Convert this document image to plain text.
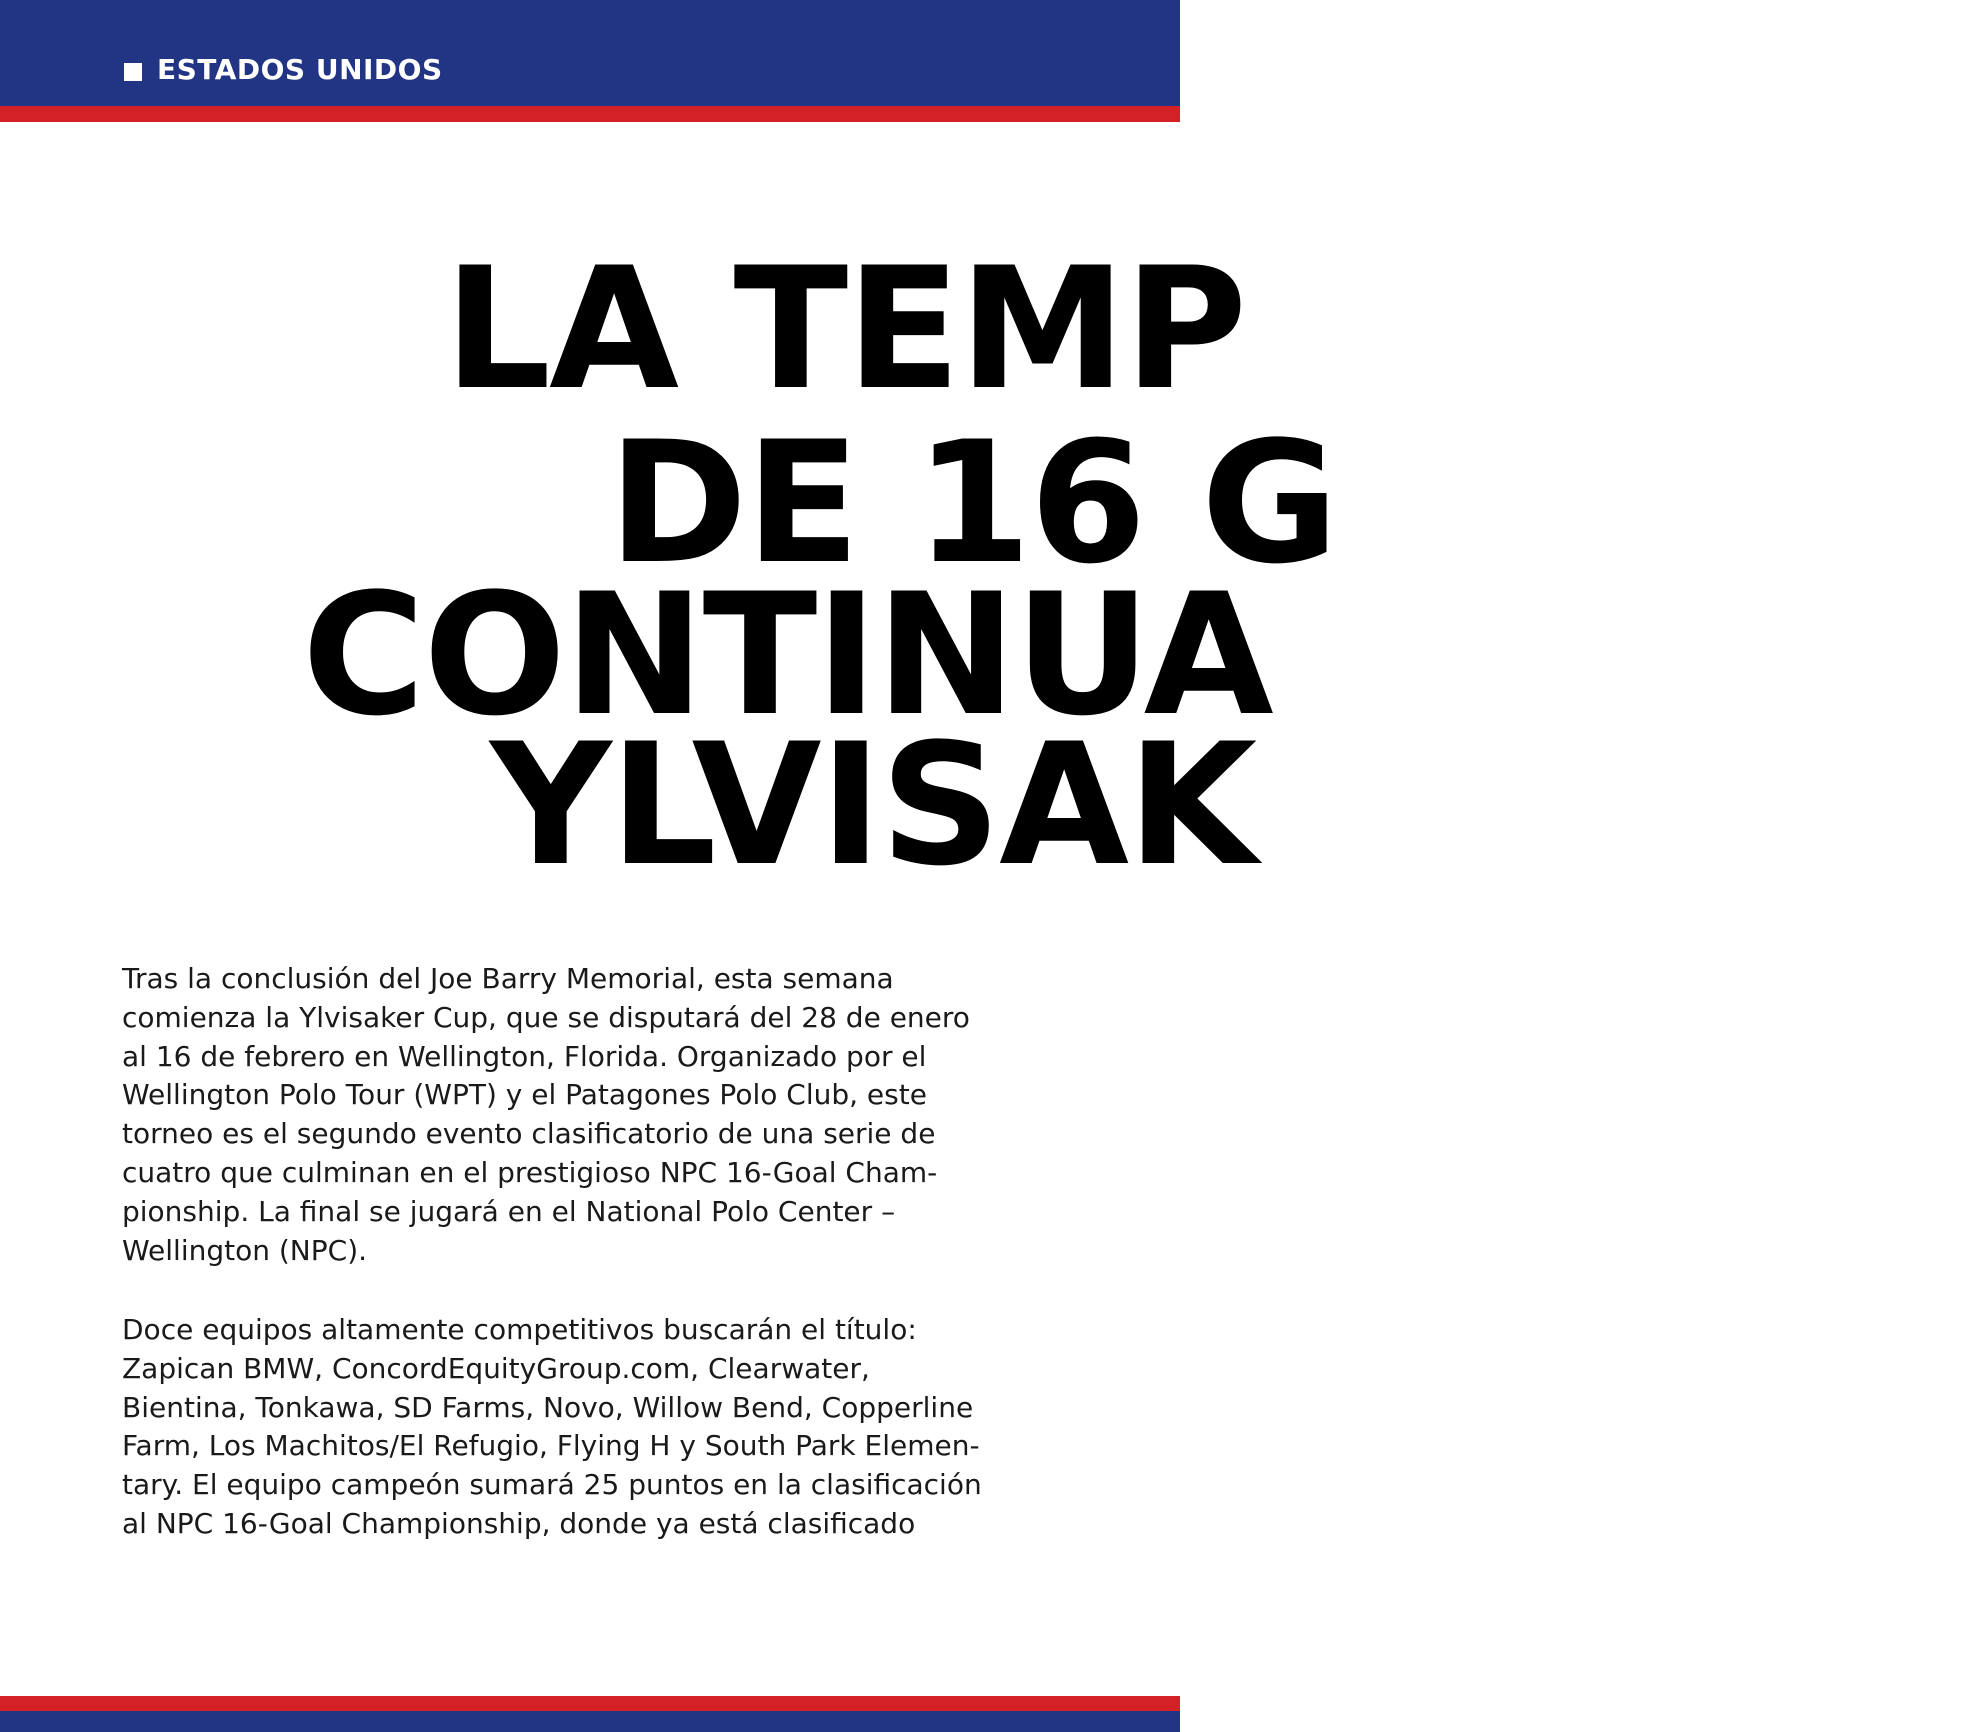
ESTADOS UNIDOS
LA TEMP
DE 16 G
CONTINUA
YLVISAK
Tras la conclusión del Joe Barry Memorial, esta semana
comienza la Ylvisaker Cup, que se disputará del 28 de enero
al 16 de febrero en Wellington, Florida. Organizado por el
Wellington Polo Tour (WPT) y el Patagones Polo Club, este
torneo es el segundo evento clasificatorio de una serie de
cuatro que culminan en el prestigioso NPC 16-Goal Cham-
pionship. La final se jugará en el National Polo Center –
Wellington (NPC).
Doce equipos altamente competitivos buscarán el título:
Zapican BMW, ConcordEquityGroup.com, Clearwater,
Bientina, Tonkawa, SD Farms, Novo, Willow Bend, Copperline
Farm, Los Machitos/El Refugio, Flying H y South Park Elemen-
tary. El equipo campeón sumará 25 puntos en la clasificación
al NPC 16-Goal Championship, donde ya está clasificado
